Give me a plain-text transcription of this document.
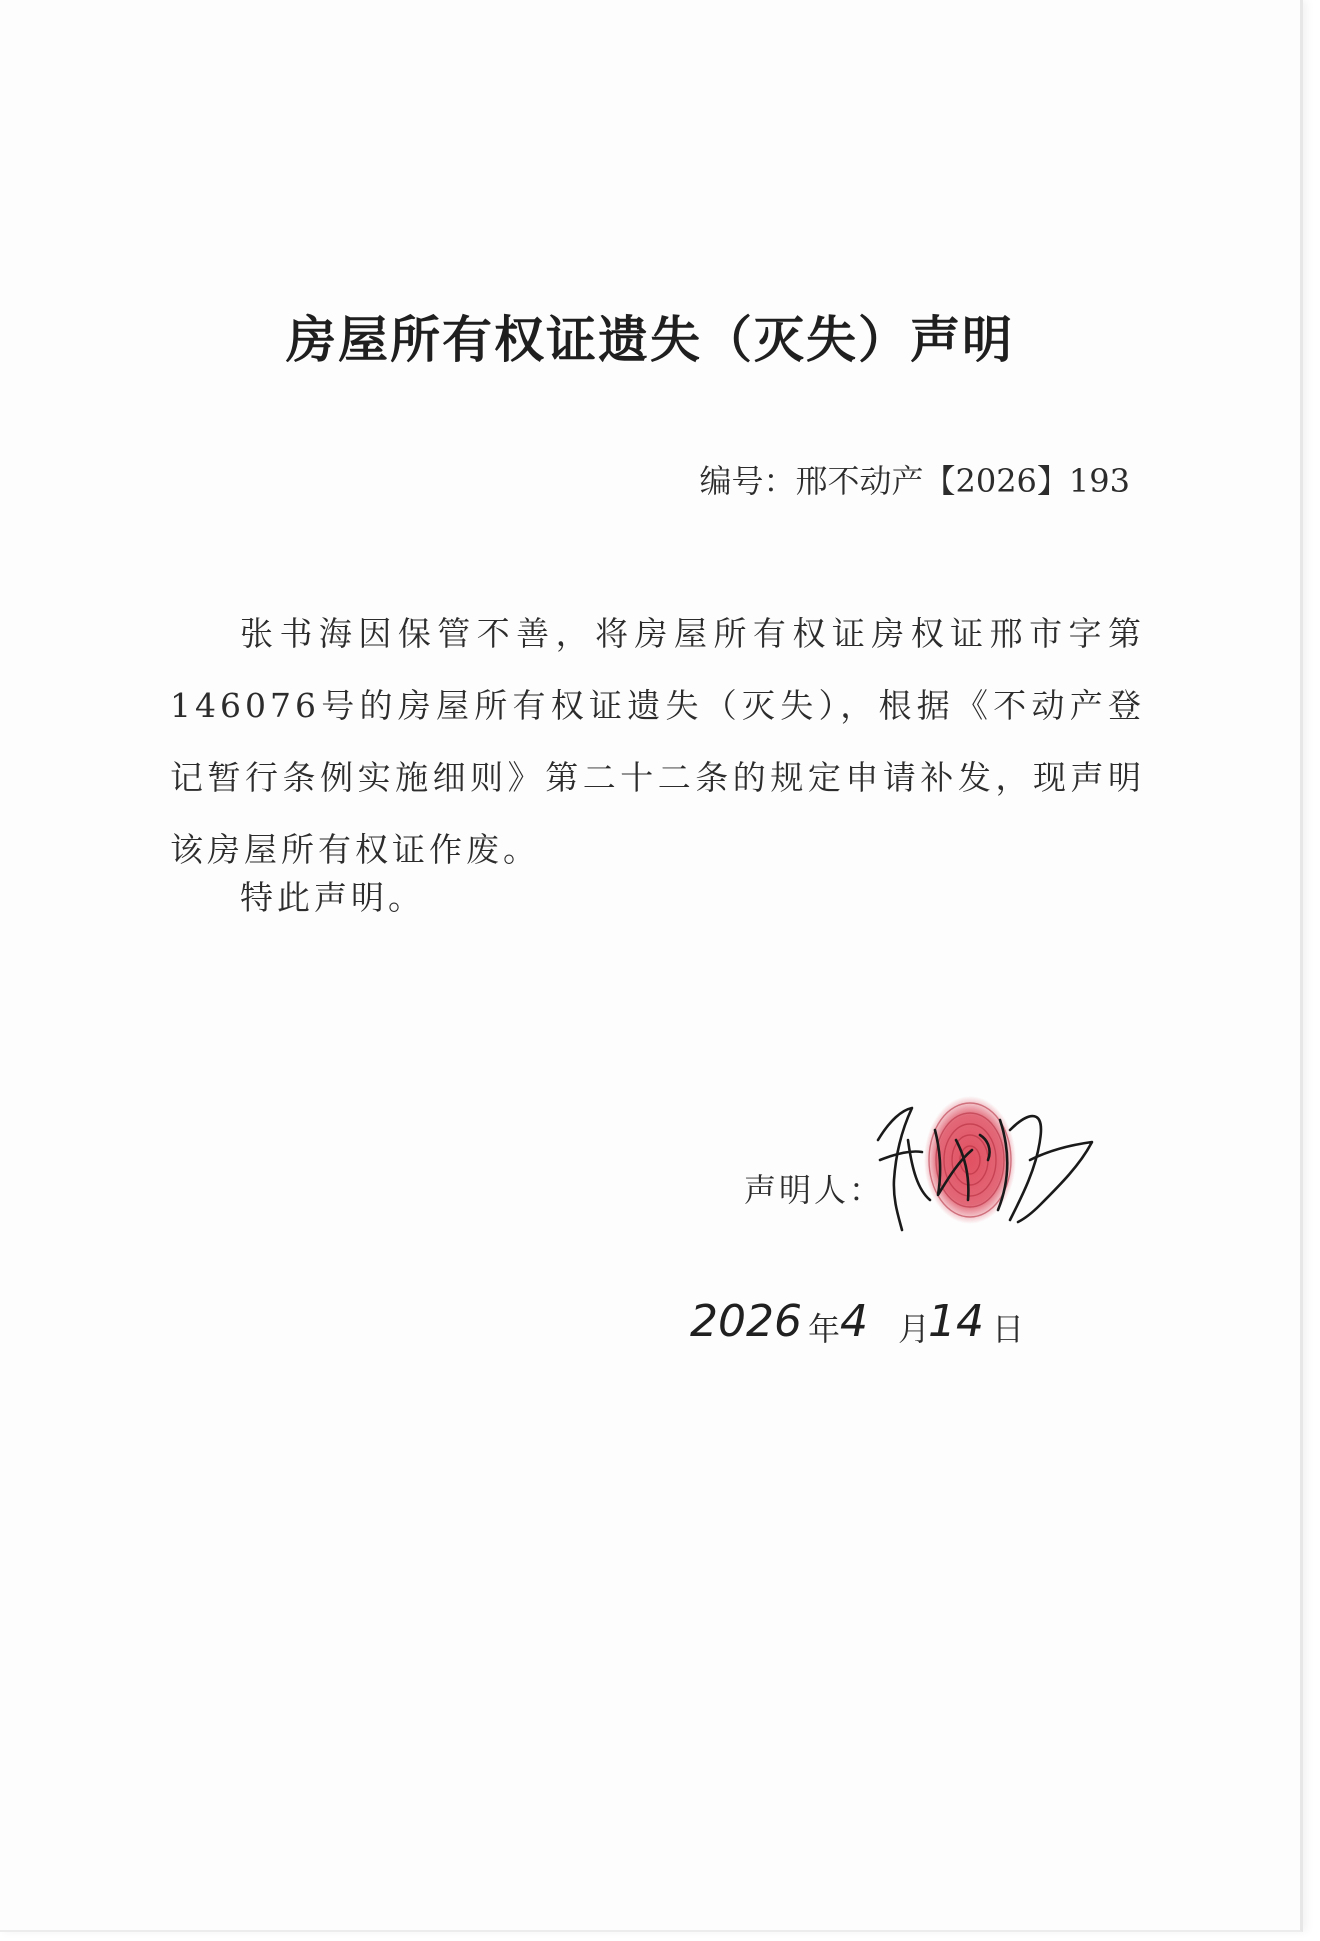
房屋所有权证遗失（灭失）声明
编号：邢不动产【2026】193
张书海因保管不善，将房屋所有权证房权证邢市字第146076号的房屋所有权证遗失（灭失），根据《不动产登记暂行条例实施细则》第二十二条的规定申请补发，现声明该房屋所有权证作废。
特此声明。
声明人：
2026 年 4 月
14 日
